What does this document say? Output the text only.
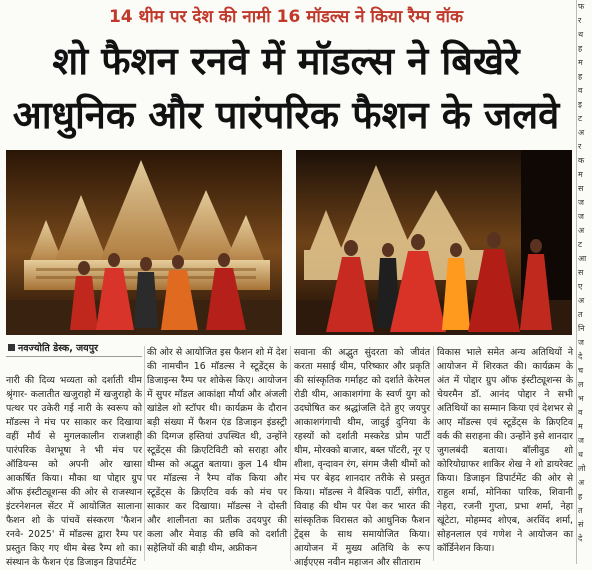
14 थीम पर देश की नामी 16 मॉडल्स ने किया रैम्प वॉक
शो फैशन रनवे में मॉडल्स ने बिखेरे
आधुनिक और पारंपरिक फैशन के जलवे
नवज्योति डेस्क, जयपुर
नारी की दिव्य भव्यता को दर्शाती थीम श्रृंगार- कलातीत खजुराहो में खजुराहो के पत्थर पर उकेरी गई नारी के स्वरूप को मॉडल्स ने मंच पर साकार कर दिखाया वहीं मौर्य से मुगलकालीन राजशाही पारंपरिक वेशभूषा ने भी मंच पर ऑडियन्स को अपनी ओर खासा आकर्षित किया। मौका था पोद्दार ग्रुप ऑफ इंस्टीट्यूशन्स की ओर से राजस्थान इंटरनेशनल सेंटर में आयोजित सालाना फैशन शो के पांचवें संस्करण 'फैशन रनवे- 2025' में मॉडल्स द्वारा रैम्प पर प्रस्तुत किए गए थीम बेस्ड रैम्प शो का। संस्थान के फैशन एंड डिजाइन डिपार्टमेंट
की ओर से आयोजित इस फैशन शो में देश की नामचीन 16 मॉडल्स ने स्टूडेंट्स के डिजाइन्स रैम्प पर शोकेस किए। आयोजन में सुपर मॉडल आकांक्षा मौर्या और अंजली खांडेल शो स्टॉपर थी। कार्यक्रम के दौरान बड़ी संख्या में फैशन एंड डिजाइन इंडस्ट्री की दिग्गज हस्तियां उपस्थित थी, उन्होंने स्टूडेंट्स की क्रिएटिविटी को सराहा और थीम्स को अद्भुत बताया। कुल 14 थीम पर मॉडल्स ने रैम्प वॉक किया और स्टूडेंट्स के क्रिएटिव वर्क को मंच पर साकार कर दिखाया। मॉडल्स ने दोस्ती और शालीनता का प्रतीक उदयपुर की कला और मेवाड़ की छवि को दर्शाती सहेलियों की बाड़ी थीम, अफ्रीकन
सवाना की अद्भुत सुंदरता को जीवंत करता मसाई थीम, परिष्कार और प्रकृति की सांस्कृतिक गर्माहट को दर्शाते केरेमल रोडी थीम, आकाशगंगा के स्वर्ण युग को उदघोषित कर श्रद्धांजलि देते हुए जयपुर आकाशगंगाची थीम, जादुई दुनिया के रहस्यों को दर्शाती मस्करेड प्रोम पार्टी थीम, मोरक्को बाजार, बब्ल पॉटरी, नूर ए शीशा, वृन्दावन रंग, संगम जैसी थीमों को मंच पर बेहद शानदार तरीके से प्रस्तुत किया। मॉडल्स ने वैश्विक पार्टी, संगीत, विवाह की थीम पर पेश कर भारत की सांस्कृतिक विरासत को आधुनिक फैशन ट्रेंड्स के साथ समायोजित किया। आयोजन में मुख्य अतिथि के रूप आईएएस नवीन महाजन और सीताराम
विकास भाले समेत अन्य अतिथियों ने आयोजन में शिरकत की। कार्यक्रम के अंत में पोद्दार ग्रुप ऑफ इंस्टीट्यूशन्स के चेयरमैन डॉ. आनंद पोद्दार ने सभी अतिथियों का सम्मान किया एवं देशभर से आए मॉडल्स एवं स्टूडेंट्स के क्रिएटिव वर्क की सराहना की। उन्होंने इसे शानदार जुगलबंदी बताया। बॉलीवुड शो कोरियोग्राफर शाकिर शेख ने शो डायरेक्ट किया। डिजाइन डिपार्टमेंट की ओर से राहुल शर्मा, मोनिका पारिक, शिवानी नेहरा, रजनी गुप्ता, प्रभा शर्मा, नेहा खूंटेटा, मोहम्मद शोएब, अरविंद शर्मा, सोहनलाल एवं गणेश ने आयोजन का कॉर्डिनेशन किया।
फ
र
थ
ह
म
ह
व
इ
ट
अ
र
क
म
स
ज
ज
अ
ट
आ
स
ए
अ
त
नि
ज
दे
च
ल
भ
व
म
ज
ध
लो
अ
ह
त
सं
दे
